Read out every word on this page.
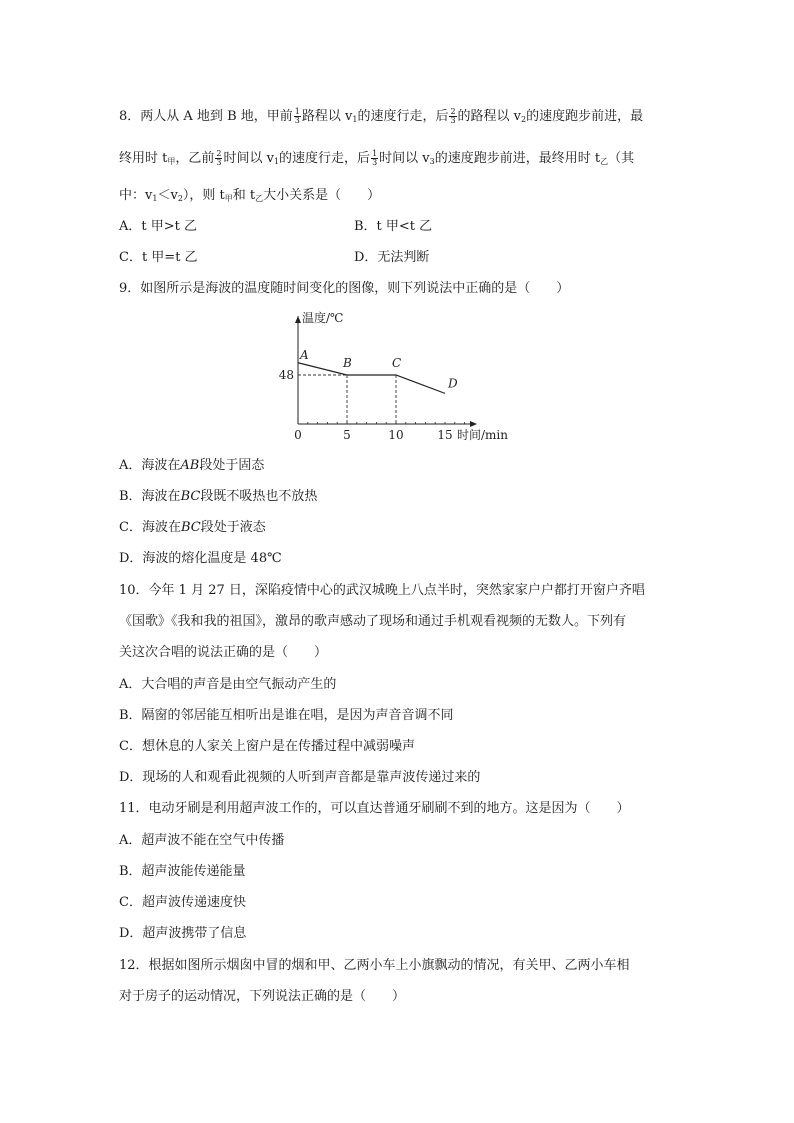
8．两人从 A 地到 B 地，甲前 $\frac{1}{3}$ 路程以 $v_1$的速度行走，后 $\frac{2}{3}$ 的路程以 $v_2$的速度跑步前进，最
终用时 $t_甲$，乙前 $\frac{2}{3}$ 时间以 $v_1$的速度行走，后 $\frac{1}{3}$ 时间以 $v_3$的速度跑步前进，最终用时 $t_乙$（其
中：$v_1<v_2$），则 $t_甲$和 $t_乙$大小关系是（　　）
A．t 甲>t 乙	B．t 甲<t 乙
C．t 甲=t 乙	D．无法判断
9．如图所示是海波的温度随时间变化的图像，则下列说法中正确的是（　　）
A
B	C
D
温度/℃
时间/min
0	5	10	15
48
A．海波在AB段处于固态
B．海波在BC段既不吸热也不放热
C．海波在BC段处于液态
D．海波的熔化温度是 48℃
10．今年 1 月 27 日，深陷疫情中心的武汉城晚上八点半时，突然家家户户都打开窗户齐唱
《国歌》《我和我的祖国》，激昂的歌声感动了现场和通过手机观看视频的无数人。下列有
关这次合唱的说法正确的是（　　）
A．大合唱的声音是由空气振动产生的
B．隔窗的邻居能互相听出是谁在唱，是因为声音音调不同
C．想休息的人家关上窗户是在传播过程中减弱噪声
D．现场的人和观看此视频的人听到声音都是靠声波传递过来的
11．电动牙刷是利用超声波工作的，可以直达普通牙刷刷不到的地方。这是因为（　　）
A．超声波不能在空气中传播
B．超声波能传递能量
C．超声波传递速度快
D．超声波携带了信息
12．根据如图所示烟囱中冒的烟和甲、乙两小车上小旗飘动的情况，有关甲、乙两小车相
对于房子的运动情况，下列说法正确的是（　　）
